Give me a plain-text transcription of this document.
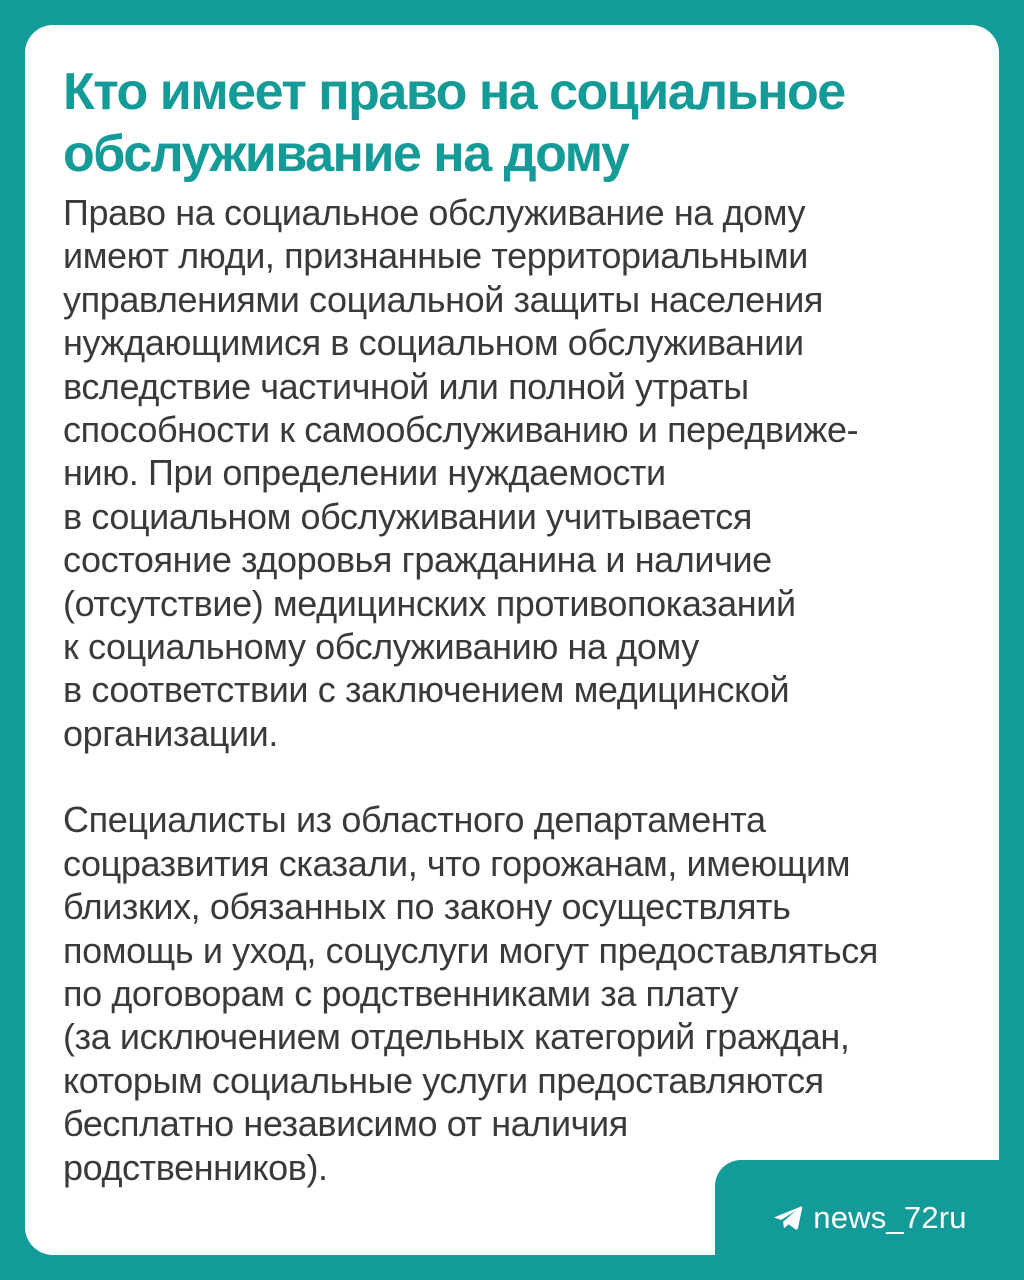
Кто имеет право на социальное
обслуживание на дому

Право на социальное обслуживание на дому
имеют люди, признанные территориальными
управлениями социальной защиты населения
нуждающимися в социальном обслуживании
вследствие частичной или полной утраты
способности к самообслуживанию и передвиже-
нию. При определении нуждаемости
в социальном обслуживании учитывается
состояние здоровья гражданина и наличие
(отсутствие) медицинских противопоказаний
к социальному обслуживанию на дому
в соответствии с заключением медицинской
организации.

Специалисты из областного департамента
соцразвития сказали, что горожанам, имеющим
близких, обязанных по закону осуществлять
помощь и уход, соцуслуги могут предоставляться
по договорам с родственниками за плату
(за исключением отдельных категорий граждан,
которым социальные услуги предоставляются
бесплатно независимо от наличия
родственников).

news_72ru
